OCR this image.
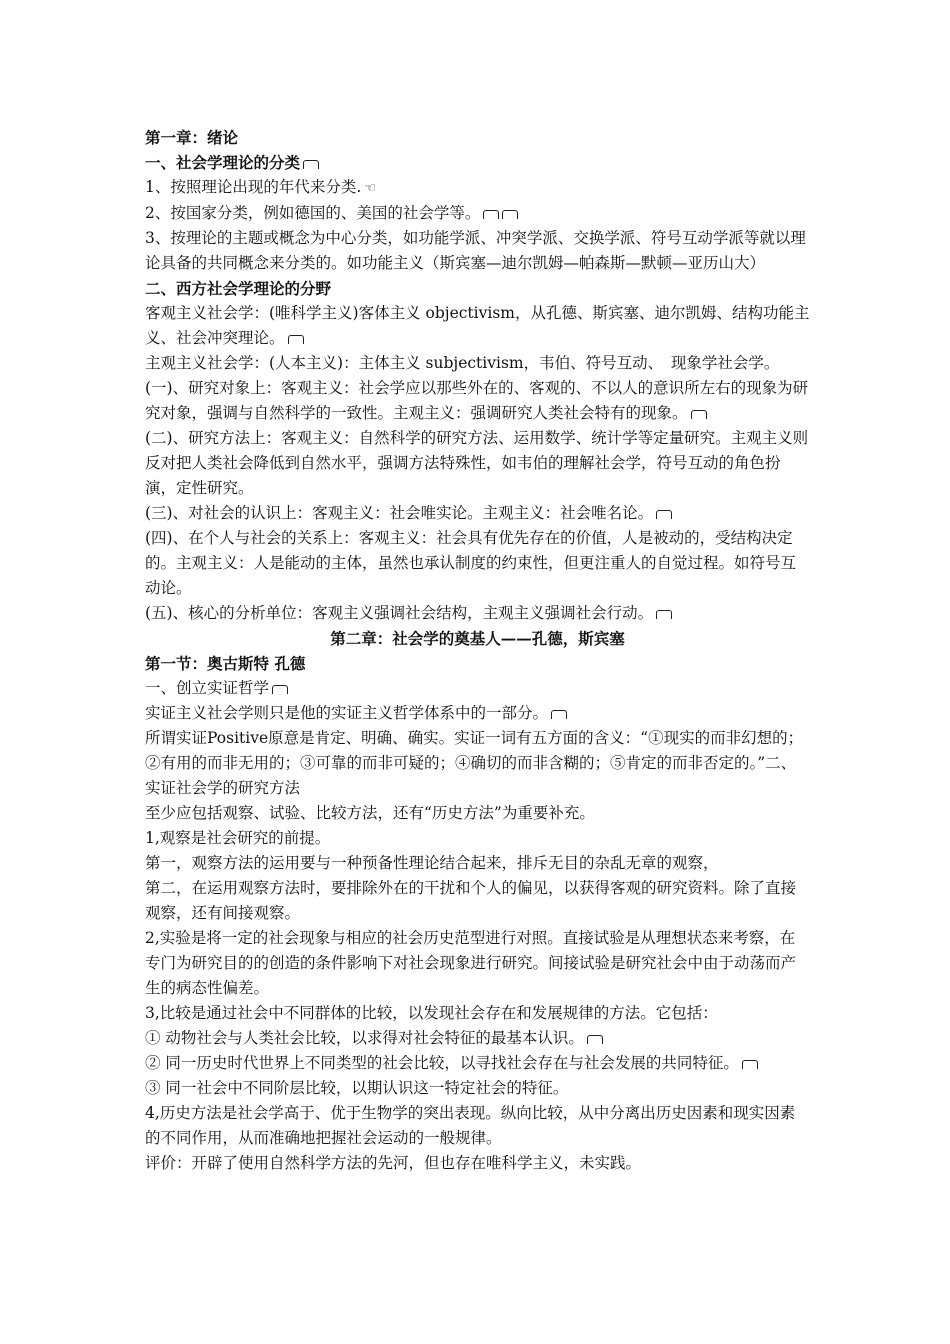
第一章：绪论

一、社会学理论的分类

1、按照理论出现的年代来分类. ☜

2、按国家分类，例如德国的、美国的社会学等。

3、按理论的主题或概念为中心分类，如功能学派、冲突学派、交换学派、符号互动学派等就以理论具备的共同概念来分类的。如功能主义（斯宾塞—迪尔凯姆—帕森斯—默顿—亚历山大）

二、西方社会学理论的分野

客观主义社会学：(唯科学主义)客体主义 objectivism，从孔德、斯宾塞、迪尔凯姆、结构功能主义、社会冲突理论。

主观主义社会学：(人本主义)：主体主义 subjectivism，韦伯、符号互动、　现象学社会学。 (一)、研究对象上：客观主义：社会学应以那些外在的、客观的、不以人的意识所左右的现象为研究对象，强调与自然科学的一致性。主观主义：强调研究人类社会特有的现象。

(二)、研究方法上：客观主义：自然科学的研究方法、运用数学、统计学等定量研究。主观主义则反对把人类社会降低到自然水平，强调方法特殊性，如韦伯的理解社会学，符号互动的角色扮演，定性研究。

(三)、对社会的认识上：客观主义：社会唯实论。主观主义：社会唯名论。

(四)、在个人与社会的关系上：客观主义：社会具有优先存在的价值，人是被动的，受结构决定的。主观主义：人是能动的主体，虽然也承认制度的约束性，但更注重人的自觉过程。如符号互动论。

(五)、核心的分析单位：客观主义强调社会结构，主观主义强调社会行动。

第二章：社会学的奠基人——孔德，斯宾塞

第一节：奥古斯特 孔德

一、创立实证哲学

实证主义社会学则只是他的实证主义哲学体系中的一部分。

所谓实证Positive原意是肯定、明确、确实。实证一词有五方面的含义：“①现实的而非幻想的；②有用的而非无用的；③可靠的而非可疑的；④确切的而非含糊的；⑤肯定的而非否定的。”二、实证社会学的研究方法

至少应包括观察、试验、比较方法，还有“历史方法”为重要补充。

1,观察是社会研究的前提。

第一，观察方法的运用要与一种预备性理论结合起来，排斥无目的杂乱无章的观察，

第二，在运用观察方法时，要排除外在的干扰和个人的偏见，以获得客观的研究资料。除了直接观察，还有间接观察。

2,实验是将一定的社会现象与相应的社会历史范型进行对照。直接试验是从理想状态来考察，在专门为研究目的的创造的条件影响下对社会现象进行研究。间接试验是研究社会中由于动荡而产生的病态性偏差。

3,比较是通过社会中不同群体的比较，以发现社会存在和发展规律的方法。它包括：

① 动物社会与人类社会比较，以求得对社会特征的最基本认识。

② 同一历史时代世界上不同类型的社会比较，以寻找社会存在与社会发展的共同特征。

③ 同一社会中不同阶层比较，以期认识这一特定社会的特征。

4,历史方法是社会学高于、优于生物学的突出表现。纵向比较，从中分离出历史因素和现实因素的不同作用，从而准确地把握社会运动的一般规律。

评价：开辟了使用自然科学方法的先河，但也存在唯科学主义，未实践。
